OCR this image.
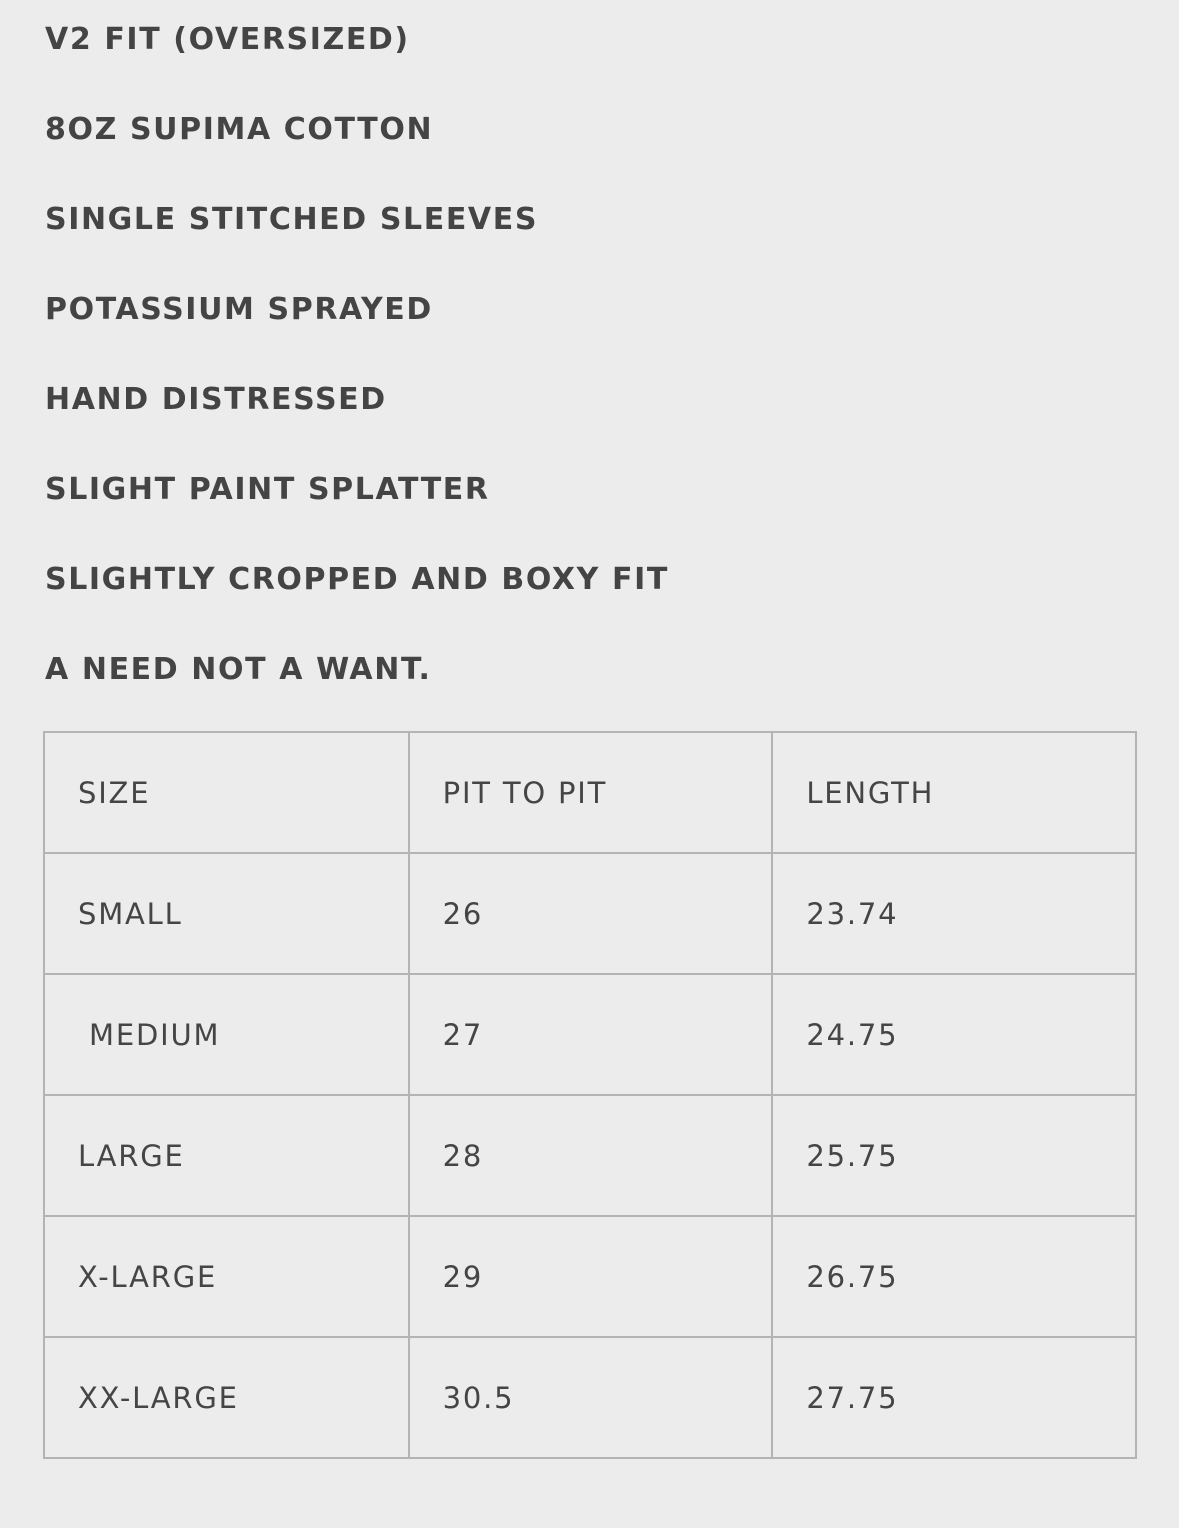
V2 FIT (OVERSIZED)
8OZ SUPIMA COTTON
SINGLE STITCHED SLEEVES
POTASSIUM SPRAYED
HAND DISTRESSED
SLIGHT PAINT SPLATTER
SLIGHTLY CROPPED AND BOXY FIT
A NEED NOT A WANT.
SIZE	PIT TO PIT	LENGTH
SMALL	26	23.74
MEDIUM	27	24.75
LARGE	28	25.75
X-LARGE	29	26.75
XX-LARGE	30.5	27.75
